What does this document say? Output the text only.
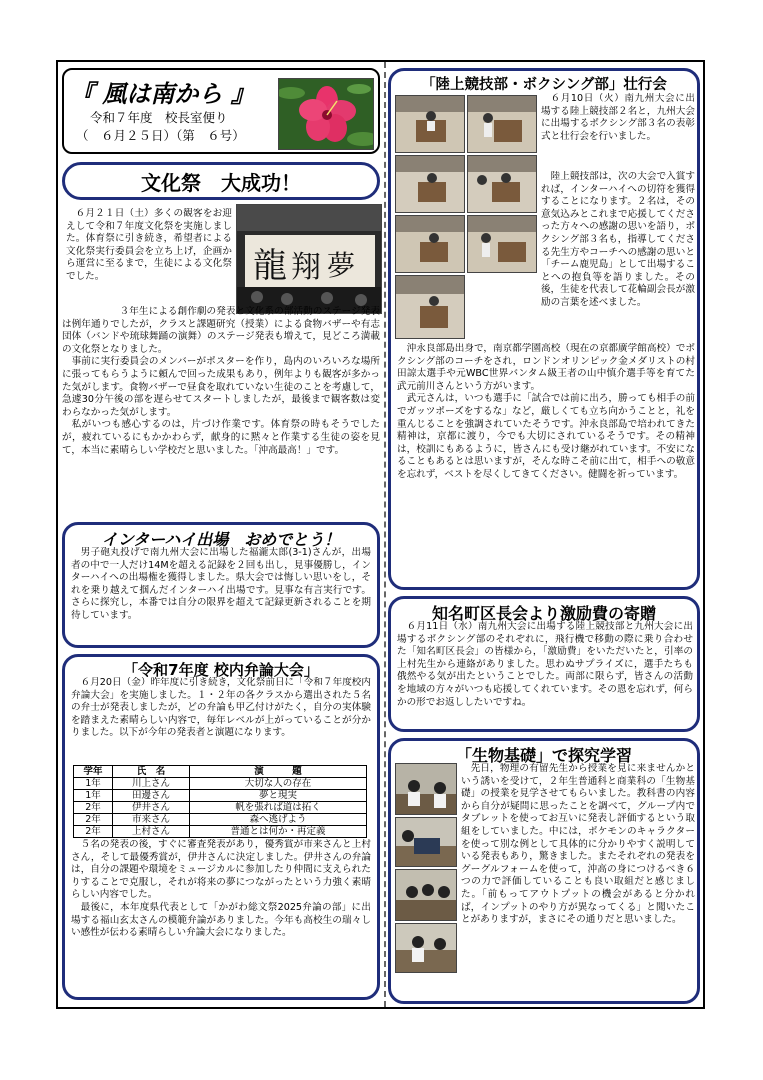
『 風は南から 』
令和７年度　校長室便り
（　６月２５日）（第　６号）
文化祭　大成功！
龍 翔 夢

６月２１日（土）多くの観客をお迎えして令和７年度文化祭を実施しました。体育祭に引き続き，希望者による文化祭実行委員会を立ち上げ，企画から運営に至るまで，生徒による文化祭でした。

３年生による創作劇の発表と文化系の部活動のステージ発表は例年通りでしたが，クラスと課題研究（授業）による食物バザーや有志団体（バンドや琉球舞踊の演舞）のステージ発表も増えて，見どころ満載の文化祭となりました。

事前に実行委員会のメンバーがポスターを作り，島内のいろいろな場所に張ってもらうように頼んで回った成果もあり，例年よりも観客が多かった気がします。食物バザーで昼食を取れていない生徒のことを考慮して，急遽30分午後の部を遅らせてスタートしましたが，最後まで観客数は変わらなかった気がします。

私がいつも感心するのは，片づけ作業です。体育祭の時もそうでしたが，疲れているにもかかわらず，献身的に黙々と作業する生徒の姿を見て，本当に素晴らしい学校だと思いました。「沖高最高！」です。

インターハイ出場　おめでとう！

男子砲丸投げで南九州大会に出場した福瀧太郎(3-1)さんが，出場者の中で一人だけ14Mを超える記録を２回も出し，見事優勝し，インターハイへの出場権を獲得しました。県大会では悔しい思いをし，それを乗り越えて掴んだインターハイ出場です。見事な有言実行です。さらに探究し，本番では自分の限界を超えて記録更新されることを期待しています。

「令和7年度 校内弁論大会」

６月20日（金）昨年度に引き続き，文化祭前日に「令和７年度校内弁論大会」を実施しました。１・２年の各クラスから選出された５名の弁士が発表しましたが，どの弁論も甲乙付けがたく，自分の実体験を踏まえた素晴らしい内容で，毎年レベルが上がっていることが分かりました。以下が今年の発表者と演題になります。

学年	氏　名	演　　　題
1年	川上さん	大切な人の存在
1年	田邊さん	夢と現実
2年	伊井さん	帆を張れば道は拓く
2年	市来さん	森へ逃げよう
2年	上村さん	普通とは何か・再定義

５名の発表の後，すぐに審査発表があり，優秀賞が市来さんと上村さん，そして最優秀賞が，伊井さんに決定しました。伊井さんの弁論は，自分の課題や環境をミュージカルに参加したり仲間に支えられたりすることで克服し，それが将来の夢につながったという力強く素晴らしい内容でした。

最後に，本年度県代表として「かがわ総文祭2025弁論の部」に出場する福山玄太さんの模範弁論がありました。今年も高校生の瑞々しい感性が伝わる素晴らしい弁論大会になりました。

「陸上競技部・ボクシング部」壮行会

６月10日（火）南九州大会に出場する陸上競技部２名と，九州大会に出場するボクシング部３名の表彰式と壮行会を行いました。

陸上競技部は，次の大会で入賞すれば，インターハイへの切符を獲得することになります。２名は，その意気込みとこれまで応援してくださった方々への感謝の思いを語り，ボクシング部３名も，指導してくださる先生方やコーチへの感謝の思いと「チーム鹿児島」として出場することへの抱負等を語りました。その後，生徒を代表して花輪副会長が激励の言葉を述べました。

沖永良部島出身で，南京都学園高校（現在の京都廣学館高校）でボクシング部のコーチをされ，ロンドンオリンピック金メダリストの村田諒太選手や元WBC世界バンタム級王者の山中慎介選手等を育てた武元前川さんという方がいます。

武元さんは，いつも選手に「試合では前に出ろ，勝っても相手の前でガッツポーズをするな」など，厳しくても立ち向かうことと，礼を重んじることを強調されていたそうです。沖永良部島で培われてきた精神は，京都に渡り，今でも大切にされているそうです。その精神は，校訓にもあるように，皆さんにも受け継がれています。不安になることもあるとは思いますが，そんな時こそ前に出て，相手への敬意を忘れず，ベストを尽くしてきてください。健闘を祈っています。

知名町区長会より激励費の寄贈

６月11日（水）南九州大会に出場する陸上競技部と九州大会に出場するボクシング部のそれぞれに，飛行機で移動の際に乗り合わせた「知名町区長会」の皆様から，「激励費」をいただいたと，引率の上村先生から連絡がありました。思わぬサプライズに，選手たちも俄然やる気が出たということでした。両部に限らず，皆さんの活動を地域の方々がいつも応援してくれています。その恩を忘れず，何らかの形でお返ししたいですね。

「生物基礎」で探究学習

先日，物理の有留先生から授業を見に来ませんかという誘いを受けて，２年生普通科と商業科の「生物基礎」の授業を見学させてもらいました。教科書の内容から自分が疑問に思ったことを調べて，グループ内でタブレットを使ってお互いに発表し評価するという取組をしていました。中には，ポケモンのキャラクターを使って別な例として具体的に分かりやすく説明している発表もあり，驚きました。またそれぞれの発表をグーグルフォームを使って，沖高の身につけるべき６つの力で評価していることも良い取組だと感じました。「前もってアウトプットの機会があると分かれば，インプットのやり方が異なってくる」と聞いたことがありますが，まさにその通りだと思いました。
